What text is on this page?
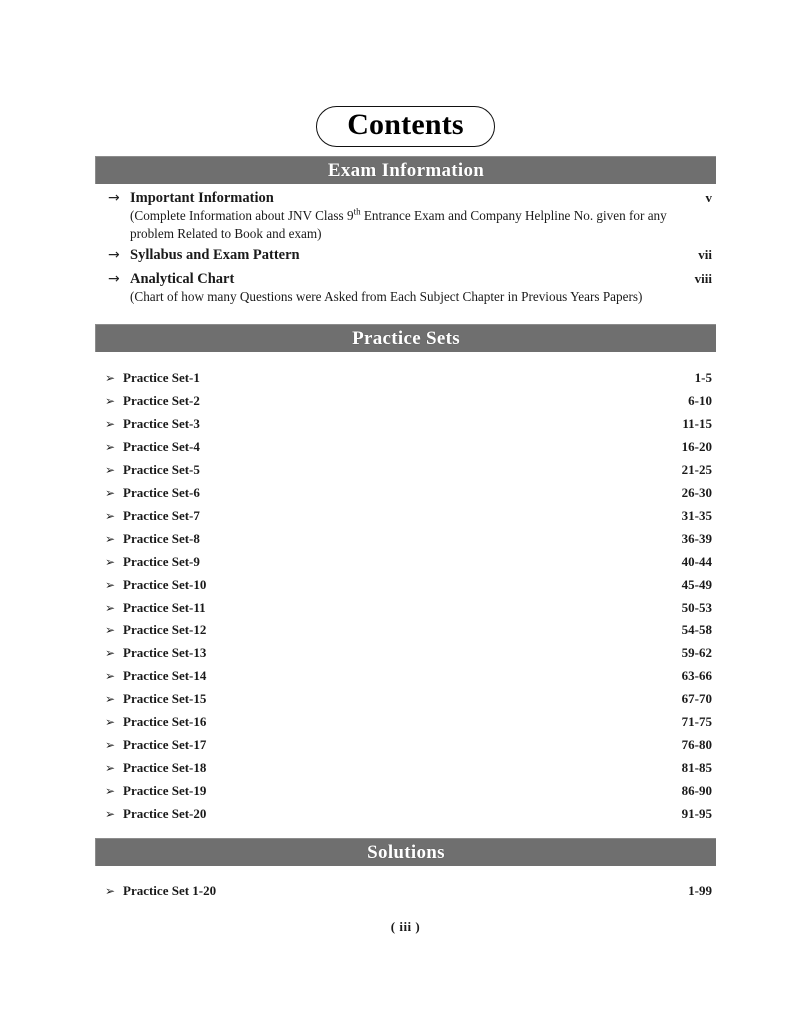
Contents
Exam Information
→ Important Information	v
(Complete Information about JNV Class 9th Entrance Exam and Company Helpline No. given for any problem Related to Book and exam)
→ Syllabus and Exam Pattern	vii
→ Analytical Chart	viii
(Chart of how many Questions were Asked from Each Subject Chapter in Previous Years Papers)
Practice Sets
➢ Practice Set-1	1-5
➢ Practice Set-2	6-10
➢ Practice Set-3	11-15
➢ Practice Set-4	16-20
➢ Practice Set-5	21-25
➢ Practice Set-6	26-30
➢ Practice Set-7	31-35
➢ Practice Set-8	36-39
➢ Practice Set-9	40-44
➢ Practice Set-10	45-49
➢ Practice Set-11	50-53
➢ Practice Set-12	54-58
➢ Practice Set-13	59-62
➢ Practice Set-14	63-66
➢ Practice Set-15	67-70
➢ Practice Set-16	71-75
➢ Practice Set-17	76-80
➢ Practice Set-18	81-85
➢ Practice Set-19	86-90
➢ Practice Set-20	91-95
Solutions
➢ Practice Set 1-20	1-99
( iii )
